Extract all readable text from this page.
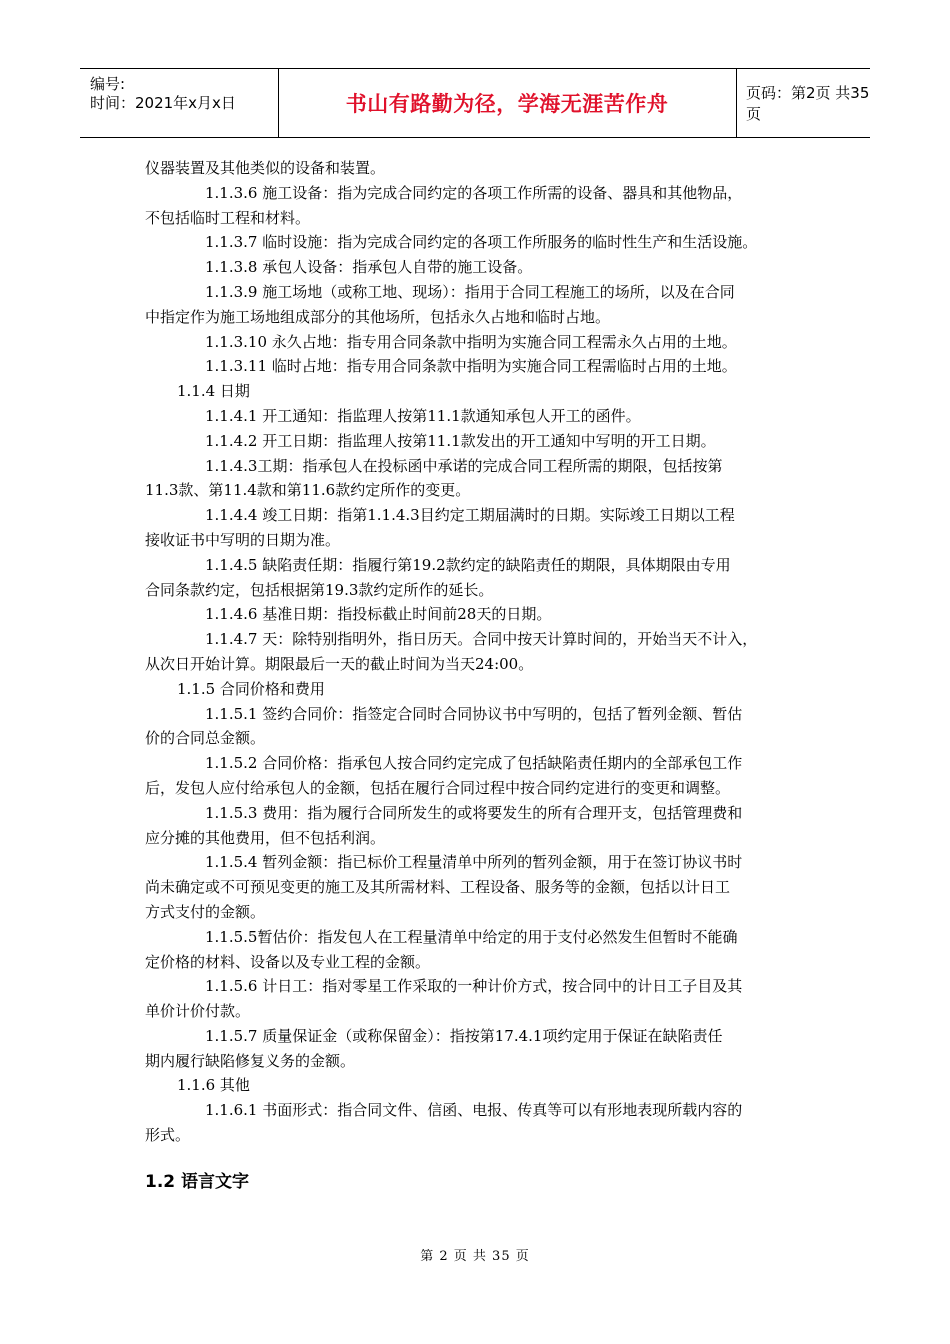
编号:
时间：2021年x月x日	书山有路勤为径，学海无涯苦作舟	页码：第2页 共35页
仪器装置及其他类似的设备和装置。
1.1.3.6 施工设备：指为完成合同约定的各项工作所需的设备、器具和其他物品，
不包括临时工程和材料。
1.1.3.7 临时设施：指为完成合同约定的各项工作所服务的临时性生产和生活设施。
1.1.3.8 承包人设备：指承包人自带的施工设备。
1.1.3.9 施工场地（或称工地、现场）：指用于合同工程施工的场所，以及在合同
中指定作为施工场地组成部分的其他场所，包括永久占地和临时占地。
1.1.3.10 永久占地：指专用合同条款中指明为实施合同工程需永久占用的土地。
1.1.3.11 临时占地：指专用合同条款中指明为实施合同工程需临时占用的土地。
1.1.4 日期
1.1.4.1 开工通知：指监理人按第11.1款通知承包人开工的函件。
1.1.4.2 开工日期：指监理人按第11.1款发出的开工通知中写明的开工日期。
1.1.4.3工期：指承包人在投标函中承诺的完成合同工程所需的期限，包括按第
11.3款、第11.4款和第11.6款约定所作的变更。
1.1.4.4 竣工日期：指第1.1.4.3目约定工期届满时的日期。实际竣工日期以工程
接收证书中写明的日期为准。
1.1.4.5 缺陷责任期：指履行第19.2款约定的缺陷责任的期限，具体期限由专用
合同条款约定，包括根据第19.3款约定所作的延长。
1.1.4.6 基准日期：指投标截止时间前28天的日期。
1.1.4.7 天：除特别指明外，指日历天。合同中按天计算时间的，开始当天不计入，
从次日开始计算。期限最后一天的截止时间为当天24:00。
1.1.5 合同价格和费用
1.1.5.1 签约合同价：指签定合同时合同协议书中写明的，包括了暂列金额、暂估
价的合同总金额。
1.1.5.2 合同价格：指承包人按合同约定完成了包括缺陷责任期内的全部承包工作
后，发包人应付给承包人的金额，包括在履行合同过程中按合同约定进行的变更和调整。
1.1.5.3 费用：指为履行合同所发生的或将要发生的所有合理开支，包括管理费和
应分摊的其他费用，但不包括利润。
1.1.5.4 暂列金额：指已标价工程量清单中所列的暂列金额，用于在签订协议书时
尚未确定或不可预见变更的施工及其所需材料、工程设备、服务等的金额，包括以计日工
方式支付的金额。
1.1.5.5暂估价：指发包人在工程量清单中给定的用于支付必然发生但暂时不能确
定价格的材料、设备以及专业工程的金额。
1.1.5.6 计日工：指对零星工作采取的一种计价方式，按合同中的计日工子目及其
单价计价付款。
1.1.5.7 质量保证金（或称保留金）：指按第17.4.1项约定用于保证在缺陷责任
期内履行缺陷修复义务的金额。
1.1.6 其他
1.1.6.1 书面形式：指合同文件、信函、电报、传真等可以有形地表现所载内容的
形式。
1.2 语言文字
第 2 页 共 35 页
